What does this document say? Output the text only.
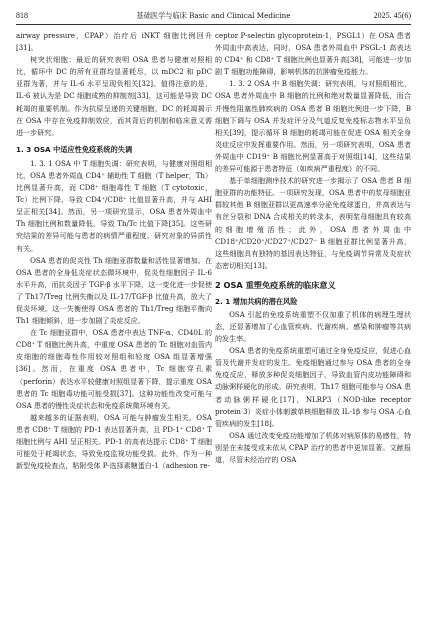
818	基础医学与临床 Basic and Clinical Medicine	2025. 45(6)

airway pressure，CPAP）治疗后 iNKT 细胞比例回升[31]。

树突状细胞：最近的研究表明 OSA 患者与健康对照相比，循环中 DC 的所有亚群均显著耗尽，以 mDC2 和 pDC 亚群为著，并与 IL-6 水平呈现负相关[32]。值得注意的是，IL-6 被认为是 DC 细胞成熟的抑制剂[33]，这可能是导致 DC 耗竭的重要机制。作为抗原呈递的关键细胞，DC 的耗竭揭示在 OSA 中存在免疫抑制效应，而其背后的机制和临床意义需进一步研究。

1. 3 OSA 中适应性免疫系统的失调

1. 3. 1 OSA 中 T 细胞失调：研究表明，与健康对照组相比，OSA 患者外周血 CD4⁺ 辅助性 T 细胞（T helper，Th）比例显著升高，而 CD8⁺ 细胞毒性 T 细胞（T cytotoxic，Tc）比例下降，导致 CD4⁺/CD8⁺ 比值显著升高，并与 AHI 呈正相关[34]。然而，另一项研究显示，OSA 患者外周血中 Th 细胞比例和数量降低，导致 Th/Tc 比值下降[35]。这些研究结果的差异可能与患者的病情严重程度、研究对象的异质性有关。

OSA 患者的促炎性 Th 细胞亚群数量和活性显著增加。在 OSA 患者的全身低炎症状态微环境中，促炎性细胞因子 IL-6 水平升高，而抗炎因子 TGF-β 水平下降，这一变化进一步促使了 Th17/Treg 比例失衡以及 IL-17/TGF-β 比值升高，放大了促炎环境。这一失衡使得 OSA 患者的 Th1/Treg 细胞平衡向 Th1 细胞倾斜，进一步加剧了炎症反应。

在 Tc 细胞亚群中，OSA 患者中表达 TNF-α、CD40L 的 CD8⁺ T 细胞比例升高，中重度 OSA 患者的 Tc 细胞对血管内皮细胞的细胞毒性作用较对照组和轻度 OSA 组显著增强[36]。然而，在重度 OSA 患者中，Tc 细胞穿孔素（perforin）表达水平较健康对照组显著下降，提示重度 OSA 患者的 Tc 细胞毒功能可能受损[37]。这种功能性改变可能与 OSA 患者的慢性炎症状态和免疫系统微环境有关。

越来越多的证据表明，OSA 可能与肿瘤发生相关。OSA 患者 CD8⁺ T 细胞的 PD-1 表达显著升高，且 PD-1⁺ CD8⁺ T 细胞比例与 AHI 呈正相关。PD-1 的高表达提示 CD8⁺ T 细胞可能处于耗竭状态，导致免疫监视功能受损。此外，作为一种新型免疫检查点，粘附受体 P-选择素糖蛋白-1（adhesion re-

ceptor P-selectin glycoprotein-1，PSGL1）在 OSA 患者外周血中高表达，同时，OSA 患者外周血中 PSGL-1 高表达的 CD4⁺ 和 CD8⁺ T 细胞比例也显著升高[38]，可能进一步加剧 T 细胞功能障碍，影响机体的抗肿瘤免疫能力。

1. 3. 2 OSA 中 B 细胞失调：研究表明，与对照组相比，OSA 患者外周血中 B 细胞的比例和绝对数量显著降低，而合并慢性阻塞性肺疾病的 OSA 患者 B 细胞比例进一步下降，B 细胞下调与 OSA 并发症评分及气道反复免疫标志物水平呈负相关[39]，提示循环 B 细胞的耗竭可能在促进 OSA 相关全身炎症反应中发挥重要作用。然而，另一项研究表明，OSA 患者外周血中 CD19⁺ B 细胞比例显著高于对照组[14]，这些结果的差异可能源于患者特征（如疾病严重程度）的不同。

基于单细胞测序技术的研究进一步揭示了 OSA 患者 B 细胞亚群的功能特征。一项研究发现，OSA 患者中的浆母细胞亚群较其他 B 细胞亚群以更高速率分泌免疫球蛋白，并高表达与有丝分裂和 DNA 合成相关的转录本，表明浆母细胞具有较高的细胞增殖活性；此外，OSA 患者外周血中 CD18⁺/CD20⁺/CD27⁺/CD27⁻ B 细胞亚群比例显著升高，这些细胞具有独特的基因表达特征，与免疫调节异常及炎症状态密切相关[13]。

2 OSA 重塑免疫系统的临床意义
2. 1 增加共病的潜在风险

OSA 引起的免疫系统重塑不仅加重了机体的病理生理状态，还显著增加了心血管疾病、代谢疾病、感染和肿瘤等共病的发生率。

OSA 患者的免疫系统重塑可通过全身免疫反应，促进心血管及代谢并发症的发生。免疫细胞通过参与 OSA 患者的全身免疫反应，释放多种促炎细胞因子，导致血管内皮功能障碍和动脉粥样硬化的形成。研究表明，Th17 细胞可能参与 OSA 患者动脉粥样硬化[17]，NLRP3（NOD-like receptor protein 3）炎症小体刺激单核细胞释放 IL-1β 参与 OSA 心血管疾病的发生[18]。

OSA 通过改变免疫功能增加了机体对病原体的易感性，特别是在未接受或未依从 CPAP 治疗的患者中更加显著。文献报道，尽管未经治疗的 OSA
